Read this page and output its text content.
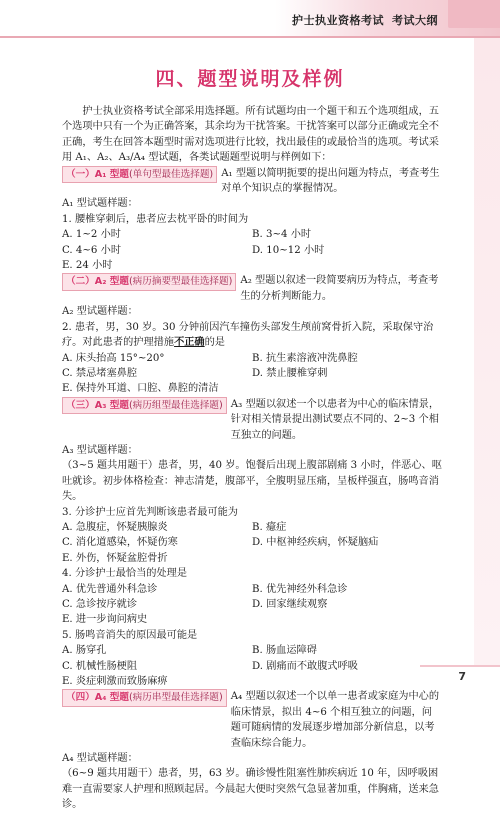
护士执业资格考试 考试大纲
四、题型说明及样例

护士执业资格考试全部采用选择题。所有试题均由一个题干和五个选项组成，五个选项中只有一个为正确答案，其余均为干扰答案。干扰答案可以部分正确或完全不正确，考生在回答本题型时需对选项进行比较，找出最佳的或最恰当的选项。考试采用 A₁、A₂、A₃/A₄ 型试题，各类试题题型说明与样例如下：

（一）A₁ 型题(单句型最佳选择题) A₁ 型题以简明扼要的提出问题为特点，考查考生对单个知识点的掌握情况。

A₁ 型试题样题：

1. 腰椎穿刺后，患者应去枕平卧的时间为

A. 1~2 小时	B. 3~4 小时

C. 4~6 小时	D. 10~12 小时

E. 24 小时

（二）A₂ 型题(病历摘要型最佳选择题) A₂ 型题以叙述一段简要病历为特点，考查考生的分析判断能力。

A₂ 型试题样题：

2. 患者，男，30 岁。30 分钟前因汽车撞伤头部发生颅前窝骨折入院，采取保守治疗。对此患者的护理措施不正确的是

A. 床头抬高 15°~20°	B. 抗生素溶液冲洗鼻腔

C. 禁忌堵塞鼻腔	D. 禁止腰椎穿刺

E. 保持外耳道、口腔、鼻腔的清洁

（三）A₃ 型题(病历组型最佳选择题) A₃ 型题以叙述一个以患者为中心的临床情景，针对相关情景提出测试要点不同的、2~3 个相互独立的问题。

A₃ 型试题样题：

（3~5 题共用题干）患者，男，40 岁。饱餐后出现上腹部剧痛 3 小时，伴恶心、呕吐就诊。初步体格检查：神志清楚，腹部平，全腹明显压痛，呈板样强直，肠鸣音消失。

3. 分诊护士应首先判断该患者最可能为

A. 急腹症，怀疑胰腺炎	B. 癔症

C. 消化道感染，怀疑伤寒	D. 中枢神经疾病，怀疑脑疝

E. 外伤，怀疑盆腔骨折

4. 分诊护士最恰当的处理是

A. 优先普通外科急诊	B. 优先神经外科急诊

C. 急诊按序就诊	D. 回家继续观察

E. 进一步询问病史

5. 肠鸣音消失的原因最可能是

A. 肠穿孔	B. 肠血运障碍

C. 机械性肠梗阻	D. 剧痛而不敢腹式呼吸

E. 炎症刺激而致肠麻痹

（四）A₄ 型题(病历串型最佳选择题) A₄ 型题以叙述一个以单一患者或家庭为中心的临床情景，拟出 4~6 个相互独立的问题，问题可随病情的发展逐步增加部分新信息，以考查临床综合能力。

A₄ 型试题样题：

（6~9 题共用题干）患者，男，63 岁。确诊慢性阻塞性肺疾病近 10 年，因呼吸困难一直需要家人护理和照顾起居。今晨起大便时突然气急显著加重，伴胸痛，送来急诊。

7
